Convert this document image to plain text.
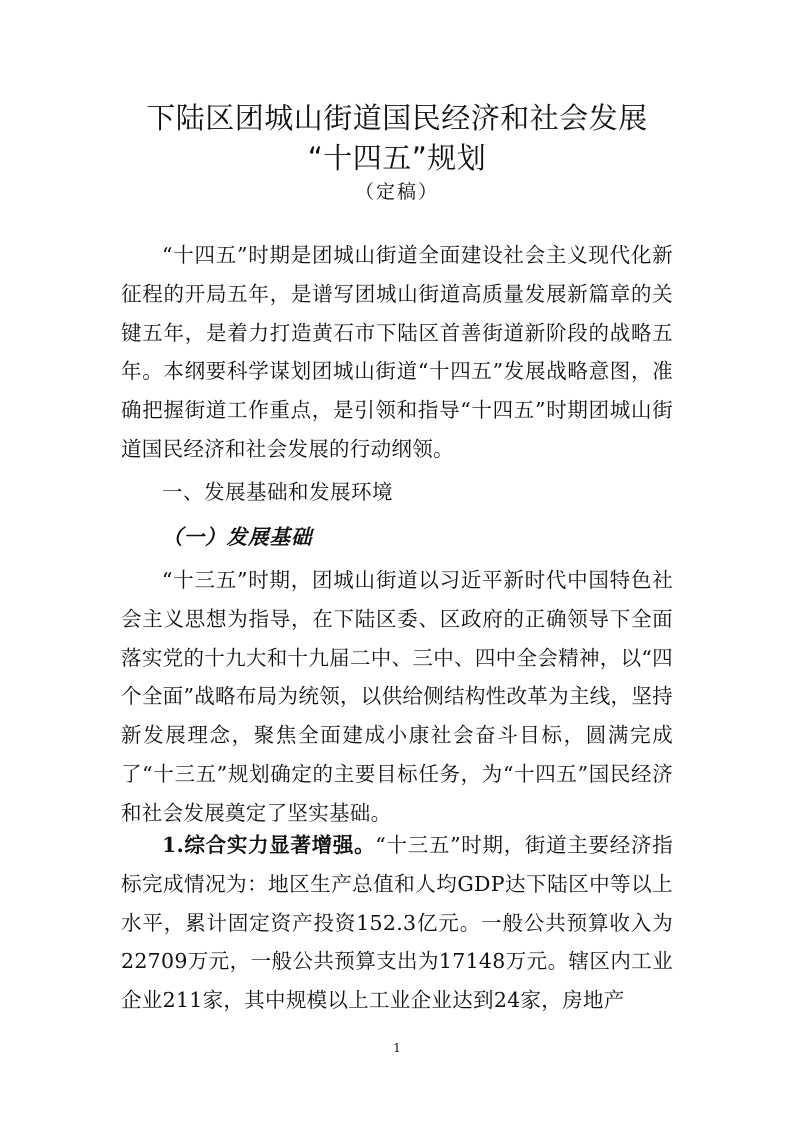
下陆区团城山街道国民经济和社会发展
“十四五”规划
（定稿）

“十四五”时期是团城山街道全面建设社会主义现代化新征程的开局五年，是谱写团城山街道高质量发展新篇章的关键五年，是着力打造黄石市下陆区首善街道新阶段的战略五年。本纲要科学谋划团城山街道“十四五”发展战略意图，准确把握街道工作重点，是引领和指导“十四五”时期团城山街道国民经济和社会发展的行动纲领。

一、发展基础和发展环境
（一）发展基础

“十三五”时期，团城山街道以习近平新时代中国特色社会主义思想为指导，在下陆区委、区政府的正确领导下全面落实党的十九大和十九届二中、三中、四中全会精神，以“四个全面”战略布局为统领，以供给侧结构性改革为主线，坚持新发展理念，聚焦全面建成小康社会奋斗目标，圆满完成了“十三五”规划确定的主要目标任务，为“十四五”国民经济和社会发展奠定了坚实基础。

1.综合实力显著增强。“十三五”时期，街道主要经济指标完成情况为：地区生产总值和人均GDP达下陆区中等以上水平，累计固定资产投资152.3亿元。一般公共预算收入为22709万元，一般公共预算支出为17148万元。辖区内工业企业211家，其中规模以上工业企业达到24家，房地产

1
